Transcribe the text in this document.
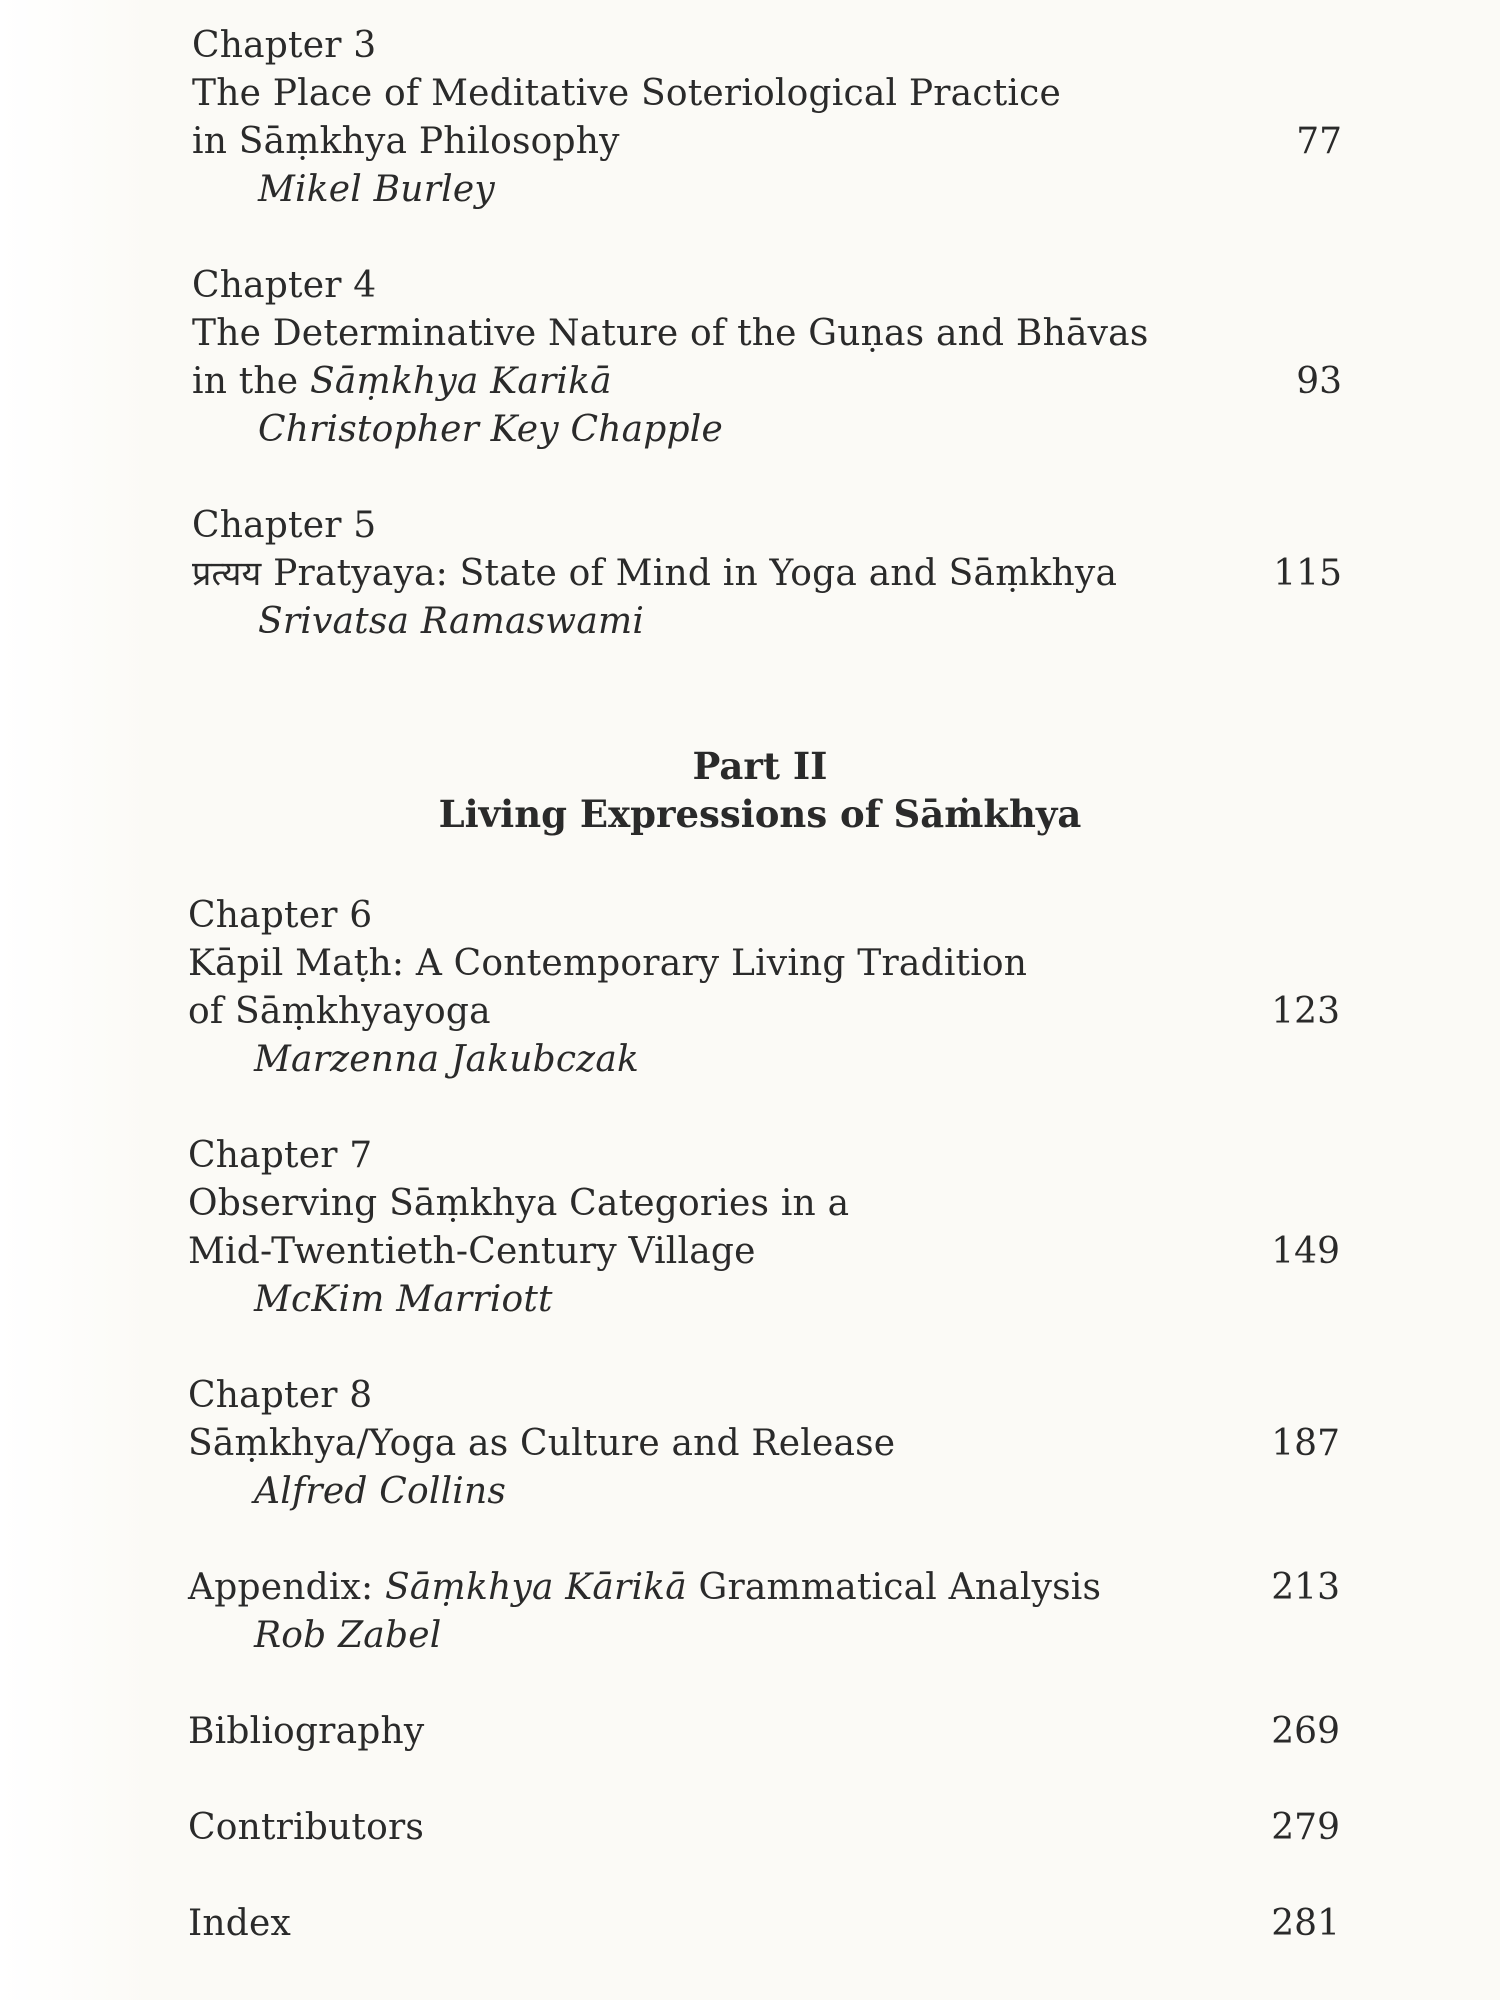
Chapter 3

The Place of Meditative Soteriological Practice

in Sāṃkhya Philosophy	77

Mikel Burley

Chapter 4

The Determinative Nature of the Guṇas and Bhāvas

in the Sāṃkhya Karikā	93

Christopher Key Chapple

Chapter 5

प्रत्यय Pratyaya: State of Mind in Yoga and Sāṃkhya	115

Srivatsa Ramaswami

Part II

Living Expressions of Sāṁkhya

Chapter 6

Kāpil Maṭh: A Contemporary Living Tradition

of Sāṃkhyayoga	123

Marzenna Jakubczak

Chapter 7

Observing Sāṃkhya Categories in a

Mid-Twentieth-Century Village	149

McKim Marriott

Chapter 8

Sāṃkhya/Yoga as Culture and Release	187

Alfred Collins

Appendix: Sāṃkhya Kārikā Grammatical Analysis	213

Rob Zabel

Bibliography	269

Contributors	279

Index	281
